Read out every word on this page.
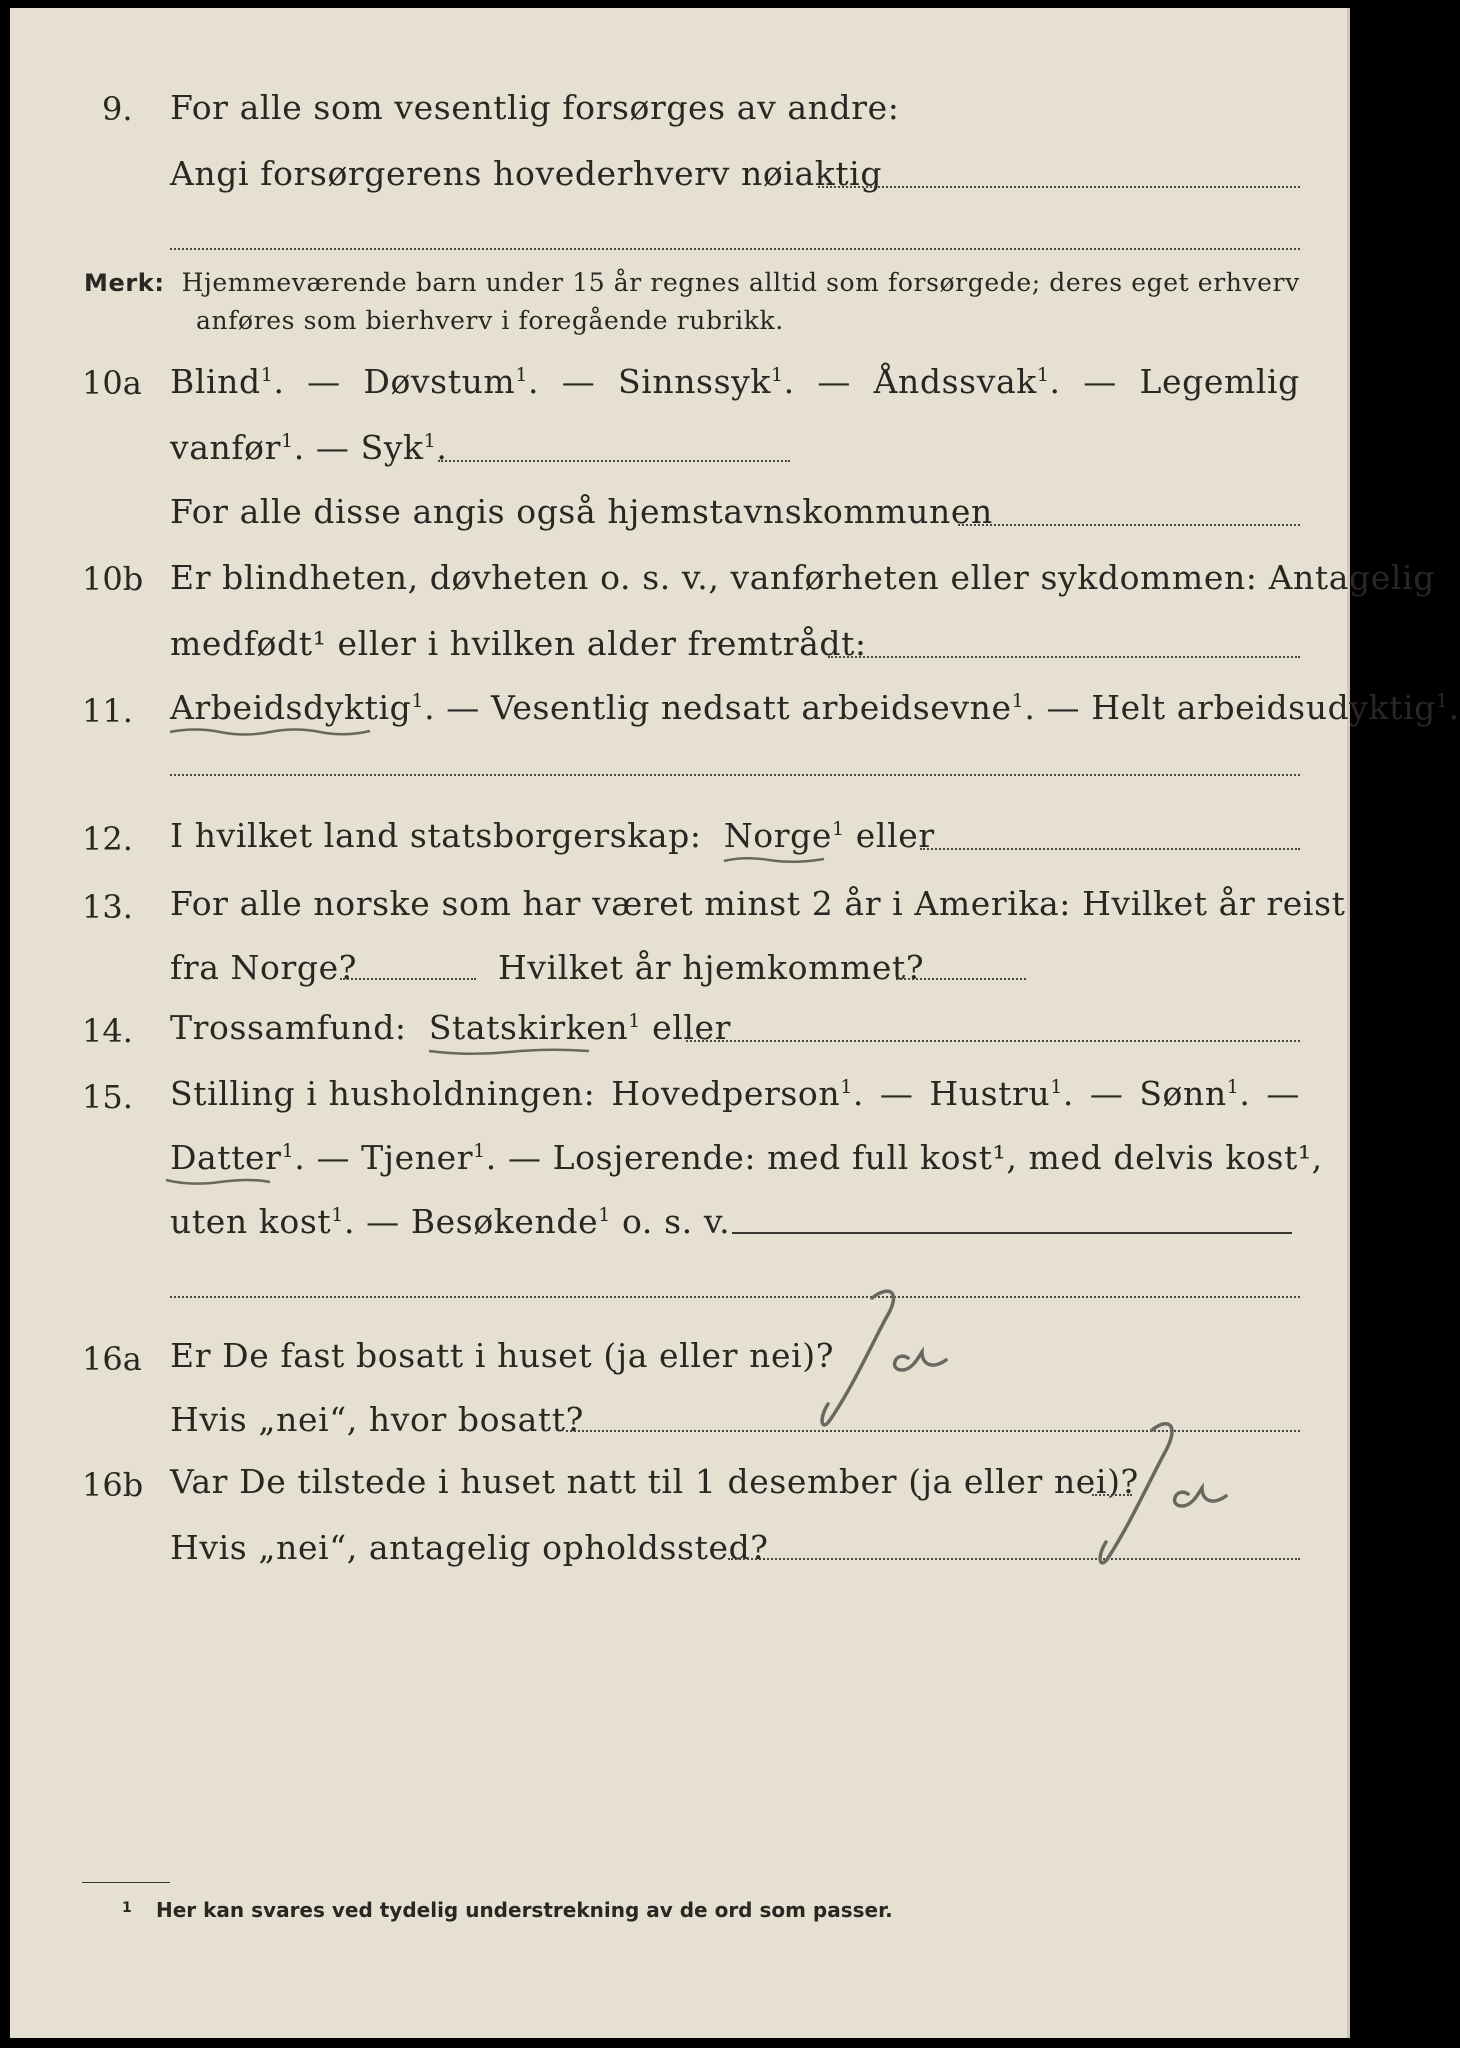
9. For alle som vesentlig forsørges av andre:
Angi forsørgerens hovederhverv nøiaktig
Merk: Hjemmeværende barn under 15 år regnes alltid som forsørgede; deres eget erhverv
anføres som bierhverv i foregående rubrikk.
10a Blind$^1$. — Døvstum$^1$. — Sinnssyk$^1$. — Åndssvak$^1$. — Legemlig
vanfør$^1$. — Syk$^1$.
For alle disse angis også hjemstavnskommunen
10b Er blindheten, døvheten o. s. v., vanførheten eller sykdommen: Antagelig
medfødt¹ eller i hvilken alder fremtrådt:
11. Arbeidsdyktig
$^1$. — Vesentlig nedsatt arbeidsevne$^1$. — Helt arbeidsudyktig$^1$.
12. I hvilket land statsborgerskap: Norge
$^1$ eller
13. For alle norske som har været minst 2 år i Amerika: Hvilket år reist
fra Norge?	Hvilket år hjemkommet?
14. Trossamfund: Statskirken
$^1$ eller
15. Stilling i husholdningen: Hovedperson$^1$. — Hustru$^1$. — Sønn$^1$. —
Datter
$^1$. — Tjener$^1$. — Losjerende: med full kost¹, med delvis kost¹,
uten kost$^1$. — Besøkende$^1$ o. s. v.
16a Er De fast bosatt i huset (ja eller nei)?
Hvis „nei“, hvor bosatt?
16b Var De tilstede i huset natt til 1 desember (ja eller nei)?
Hvis „nei“, antagelig opholdssted?
1 Her kan svares ved tydelig understrekning av de ord som passer.
